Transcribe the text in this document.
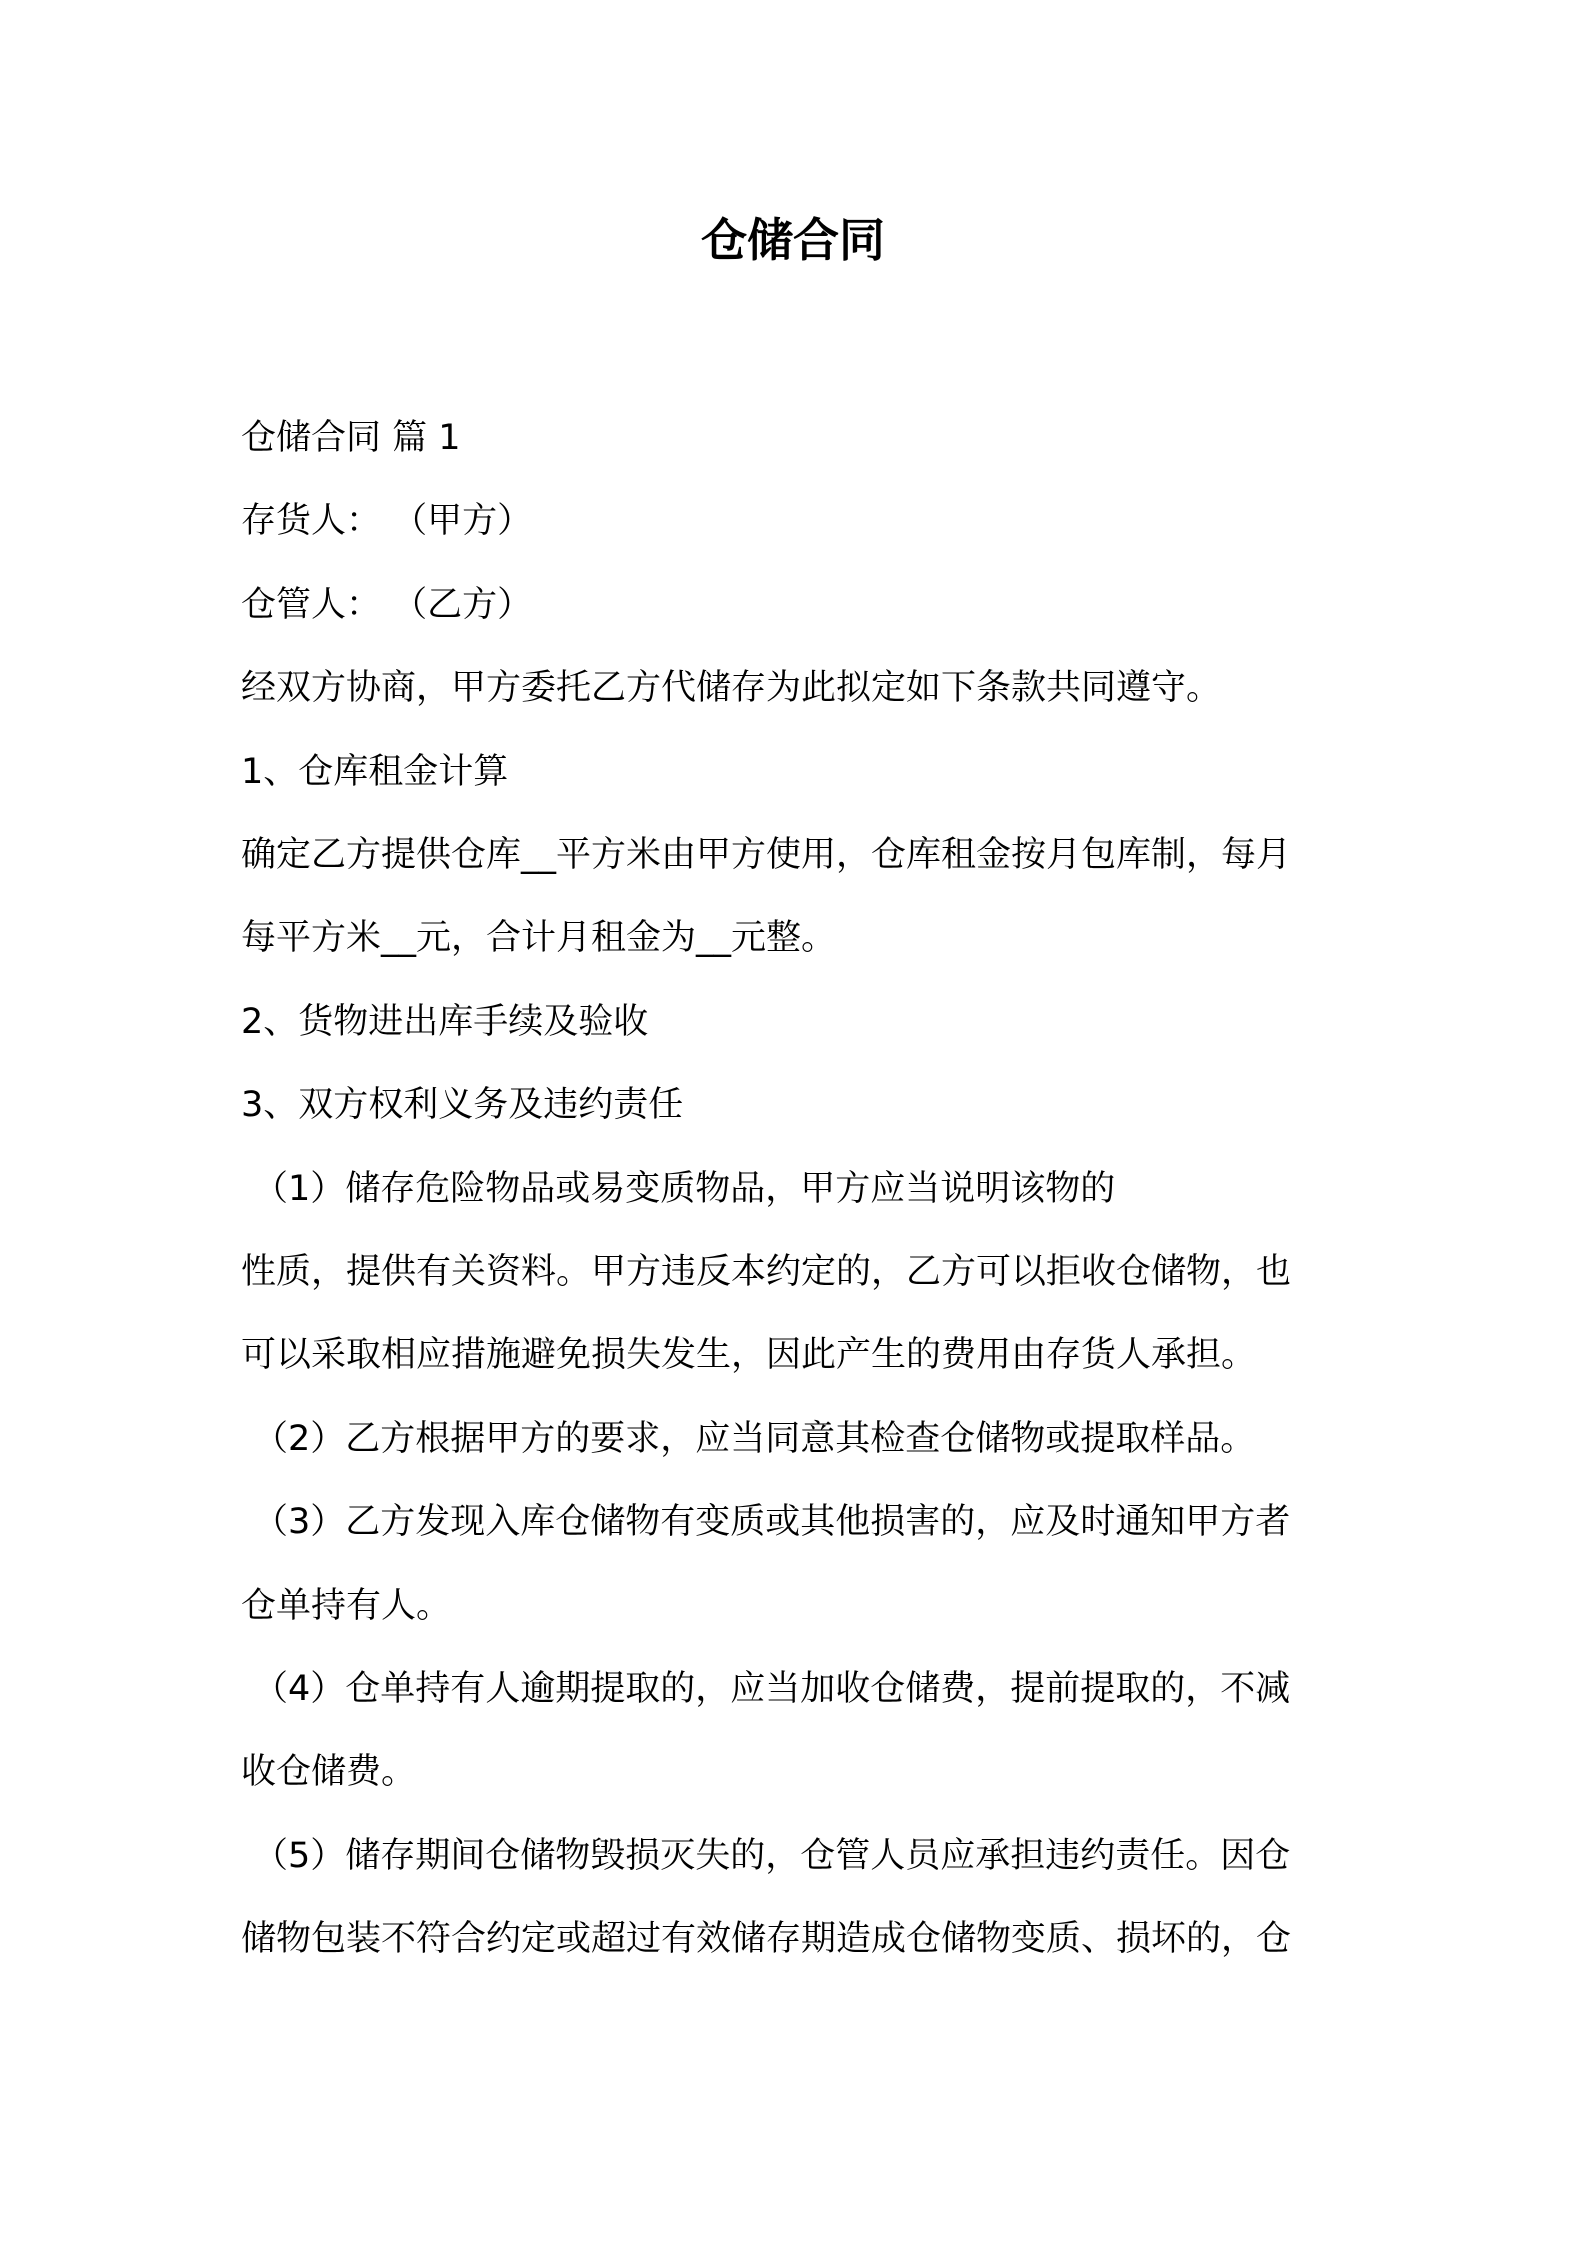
仓储合同
仓储合同 篇 1
存货人： （甲方）
仓管人： （乙方）
经双方协商，甲方委托乙方代储存为此拟定如下条款共同遵守。
1、仓库租金计算
确定乙方提供仓库__平方米由甲方使用，仓库租金按月包库制，每月
每平方米__元，合计月租金为__元整。
2、货物进出库手续及验收
3、双方权利义务及违约责任
（1）储存危险物品或易变质物品，甲方应当说明该物的
性质，提供有关资料。甲方违反本约定的，乙方可以拒收仓储物，也
可以采取相应措施避免损失发生，因此产生的费用由存货人承担。
（2）乙方根据甲方的要求，应当同意其检查仓储物或提取样品。
（3）乙方发现入库仓储物有变质或其他损害的，应及时通知甲方者
仓单持有人。
（4）仓单持有人逾期提取的，应当加收仓储费，提前提取的，不减
收仓储费。
（5）储存期间仓储物毁损灭失的，仓管人员应承担违约责任。因仓
储物包装不符合约定或超过有效储存期造成仓储物变质、损坏的，仓
